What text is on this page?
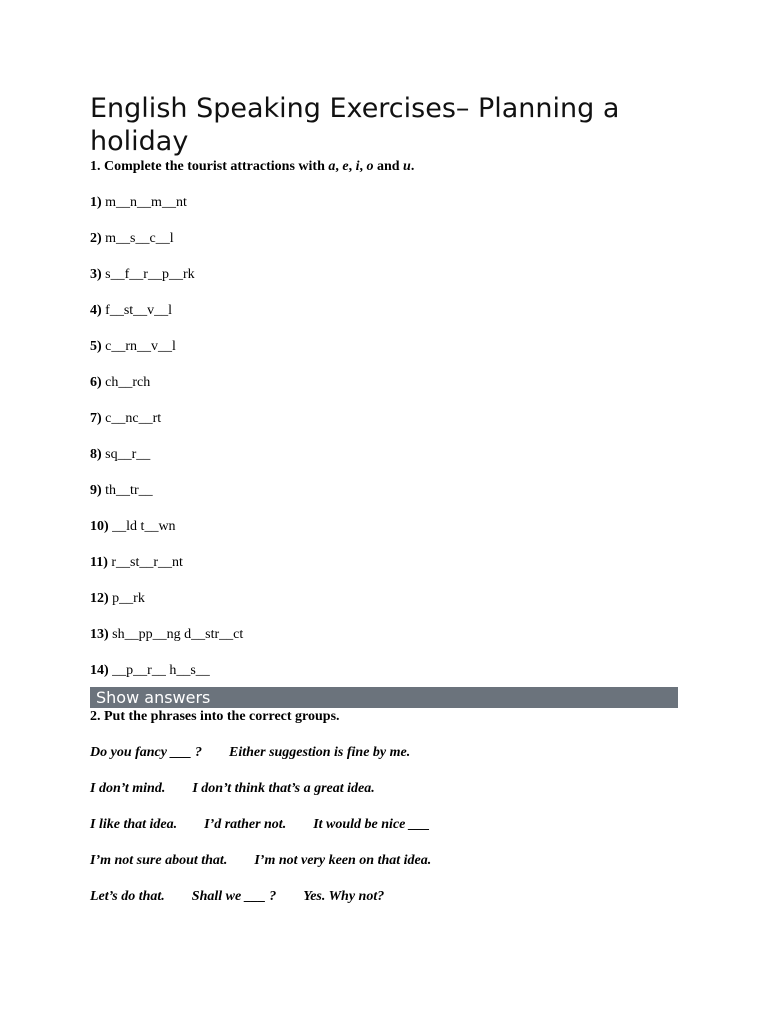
English Speaking Exercises– Planning a holiday

1. Complete the tourist attractions with a, e, i, o and u.

1) m__n__m__nt

2) m__s__c__l

3) s__f__r__p__rk

4) f__st__v__l

5) c__rn__v__l

6) ch__rch

7) c__nc__rt

8) sq__r__

9) th__tr__

10) __ld t__wn

11) r__st__r__nt

12) p__rk

13) sh__pp__ng d__str__ct

14) __p__r__ h__s__

Show answers

2. Put the phrases into the correct groups.

Do you fancy ___ ? Either suggestion is fine by me.

I don’t mind. I don’t think that’s a great idea.

I like that idea. I’d rather not. It would be nice ___

I’m not sure about that. I’m not very keen on that idea.

Let’s do that. Shall we ___ ? Yes. Why not?
